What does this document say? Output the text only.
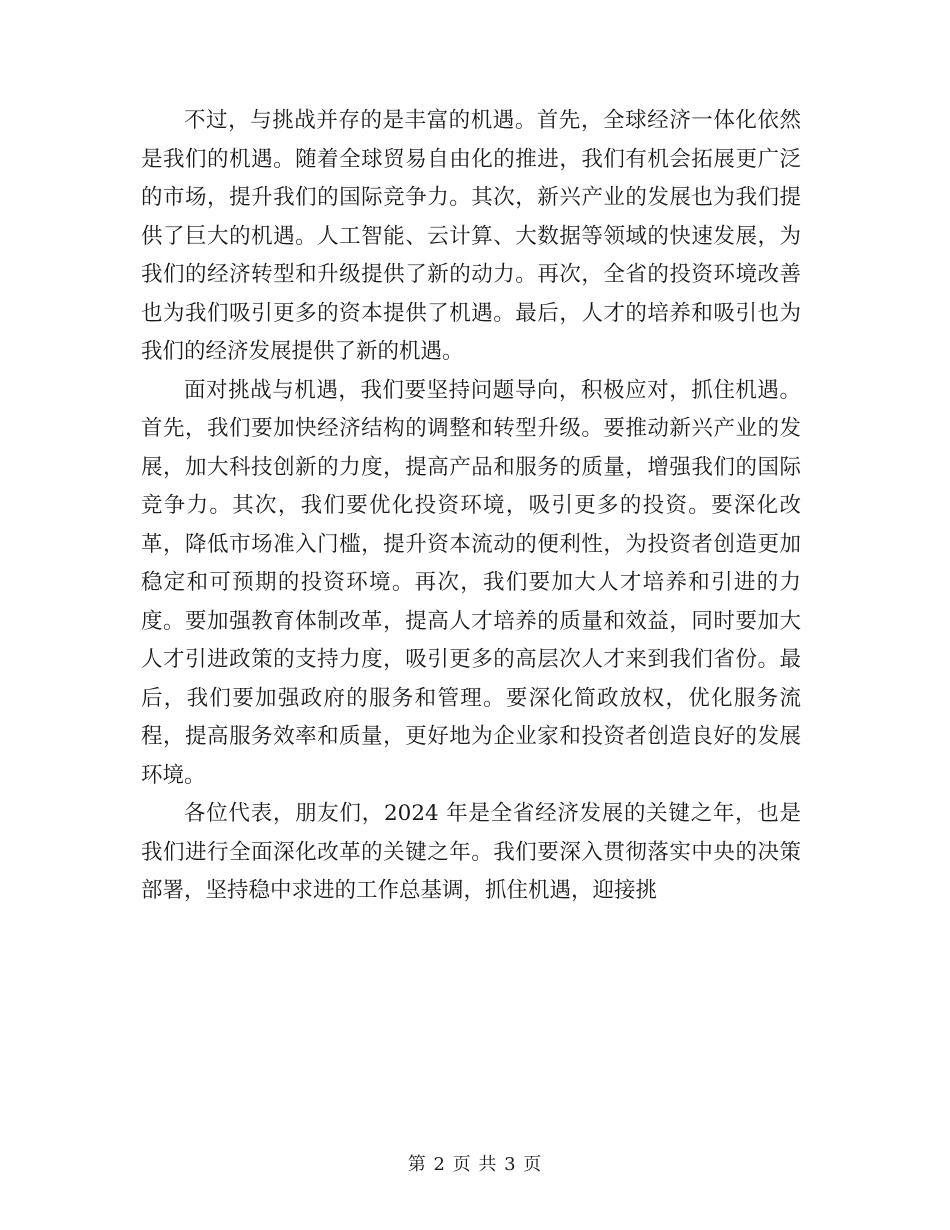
不过，与挑战并存的是丰富的机遇。首先，全球经济一体化依然是我们的机遇。随着全球贸易自由化的推进，我们有机会拓展更广泛的市场，提升我们的国际竞争力。其次，新兴产业的发展也为我们提供了巨大的机遇。人工智能、云计算、大数据等领域的快速发展，为我们的经济转型和升级提供了新的动力。再次，全省的投资环境改善也为我们吸引更多的资本提供了机遇。最后，人才的培养和吸引也为我们的经济发展提供了新的机遇。

面对挑战与机遇，我们要坚持问题导向，积极应对，抓住机遇。首先，我们要加快经济结构的调整和转型升级。要推动新兴产业的发展，加大科技创新的力度，提高产品和服务的质量，增强我们的国际竞争力。其次，我们要优化投资环境，吸引更多的投资。要深化改革，降低市场准入门槛，提升资本流动的便利性，为投资者创造更加稳定和可预期的投资环境。再次，我们要加大人才培养和引进的力度。要加强教育体制改革，提高人才培养的质量和效益，同时要加大人才引进政策的支持力度，吸引更多的高层次人才来到我们省份。最后，我们要加强政府的服务和管理。要深化简政放权，优化服务流程，提高服务效率和质量，更好地为企业家和投资者创造良好的发展环境。

各位代表，朋友们，2024 年是全省经济发展的关键之年，也是我们进行全面深化改革的关键之年。我们要深入贯彻落实中央的决策部署，坚持稳中求进的工作总基调，抓住机遇，迎接挑

第 2 页 共 3 页
